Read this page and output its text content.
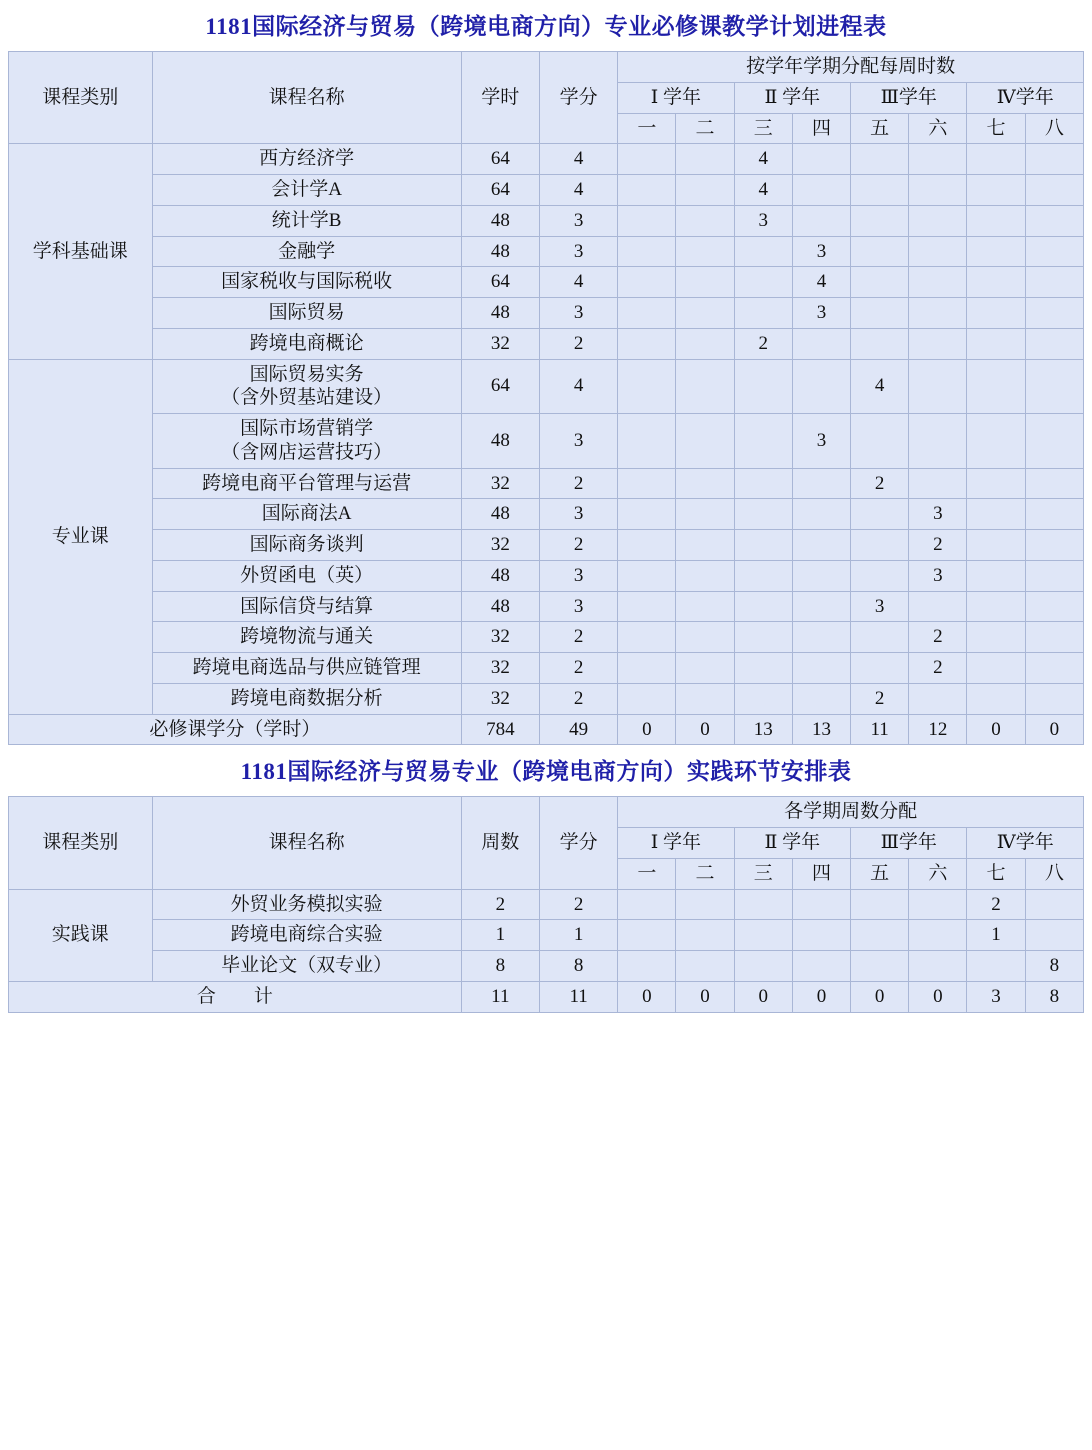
1181国际经济与贸易（跨境电商方向）专业必修课教学计划进程表
课程类别	课程名称	学时	学分	按学年学期分配每周时数							
				Ⅰ 学年		Ⅱ 学年		Ⅲ学年		Ⅳ学年	
				一	二	三	四	五	六	七	八
学科基础课	西方经济学	64	4			4					
	会计学A	64	4			4					
	统计学B	48	3			3					
	金融学	48	3				3				
	国家税收与国际税收	64	4				4				
	国际贸易	48	3				3				
	跨境电商概论	32	2			2					
专业课	国际贸易实务
（含外贸基站建设）	64	4					4			
	国际市场营销学
（含网店运营技巧）	48	3				3				
	跨境电商平台管理与运营	32	2					2			
	国际商法A	48	3						3		
	国际商务谈判	32	2						2		
	外贸函电（英）	48	3						3		
	国际信贷与结算	48	3					3			
	跨境物流与通关	32	2						2		
	跨境电商选品与供应链管理	32	2						2		
	跨境电商数据分析	32	2					2			
必修课学分（学时）		784	49	0	0	13	13	11	12	0	0
1181国际经济与贸易专业（跨境电商方向）实践环节安排表
课程类别	课程名称	周数	学分	各学期周数分配							
				Ⅰ 学年		Ⅱ 学年		Ⅲ学年		Ⅳ学年	
				一	二	三	四	五	六	七	八
实践课	外贸业务模拟实验	2	2							2	
	跨境电商综合实验	1	1							1	
	毕业论文（双专业）	8	8								8
合　　计		11	11	0	0	0	0	0	0	3	8
